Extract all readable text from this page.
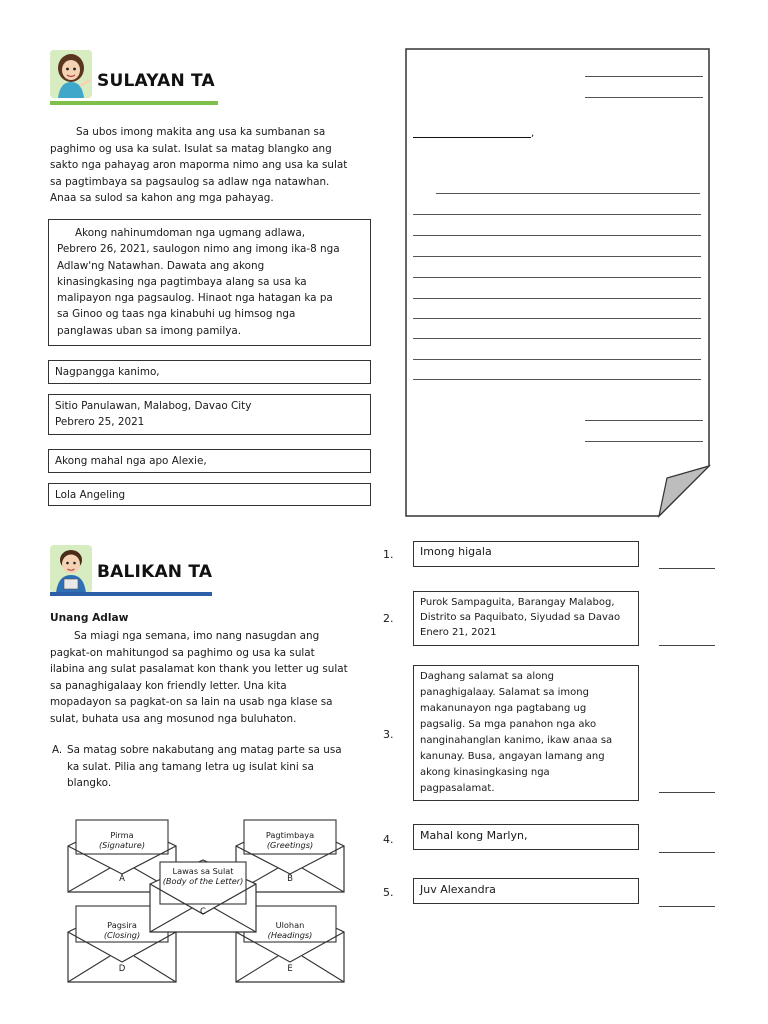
SULAYAN TA
Sa ubos imong makita ang usa ka sumbanan sa
paghimo og usa ka sulat. Isulat sa matag blangko ang
sakto nga pahayag aron maporma nimo ang usa ka sulat
sa pagtimbaya sa pagsaulog sa adlaw nga natawhan.
Anaa sa sulod sa kahon ang mga pahayag.
Akong nahinumdoman nga ugmang adlawa,
Pebrero 26, 2021, saulogon nimo ang imong ika-8 nga
Adlaw'ng Natawhan. Dawata ang akong
kinasingkasing nga pagtimbaya alang sa usa ka
malipayon nga pagsaulog. Hinaot nga hatagan ka pa
sa Ginoo og taas nga kinabuhi ug himsog nga
panglawas uban sa imong pamilya.
Nagpangga kanimo,
Sitio Panulawan, Malabog, Davao City
Pebrero 25, 2021
Akong mahal nga apo Alexie,
Lola Angeling
,
BALIKAN TA
Unang Adlaw
Sa miagi nga semana, imo nang nasugdan ang
pagkat-on mahitungod sa paghimo og usa ka sulat
ilabina ang sulat pasalamat kon thank you letter ug sulat
sa panaghigalaay kon friendly letter. Una kita
mopadayon sa pagkat-on sa lain na usab nga klase sa
sulat, buhata usa ang mosunod nga buluhaton.
A. Sa matag sobre nakabutang ang matag parte sa usa
ka sulat. Pilia ang tamang letra ug isulat kini sa
blangko.
Pirma
(Signature)
A
Pagtimbaya
(Greetings)
B
Pagsira
(Closing)
D
Ulohan
(Headings)
E
Lawas sa Sulat
(Body of the Letter)
C
1. Imong higala
2.
Purok Sampaguita, Barangay Malabog,
Distrito sa Paquibato, Siyudad sa Davao
Enero 21, 2021
3.
Daghang salamat sa along
panaghigalaay. Salamat sa imong
makanunayon nga pagtabang ug
pagsalig. Sa mga panahon nga ako
nanginahanglan kanimo, ikaw anaa sa
kanunay. Busa, angayan lamang ang
akong kinasingkasing nga
pagpasalamat.
4. Mahal kong Marlyn,
5. Juv Alexandra
